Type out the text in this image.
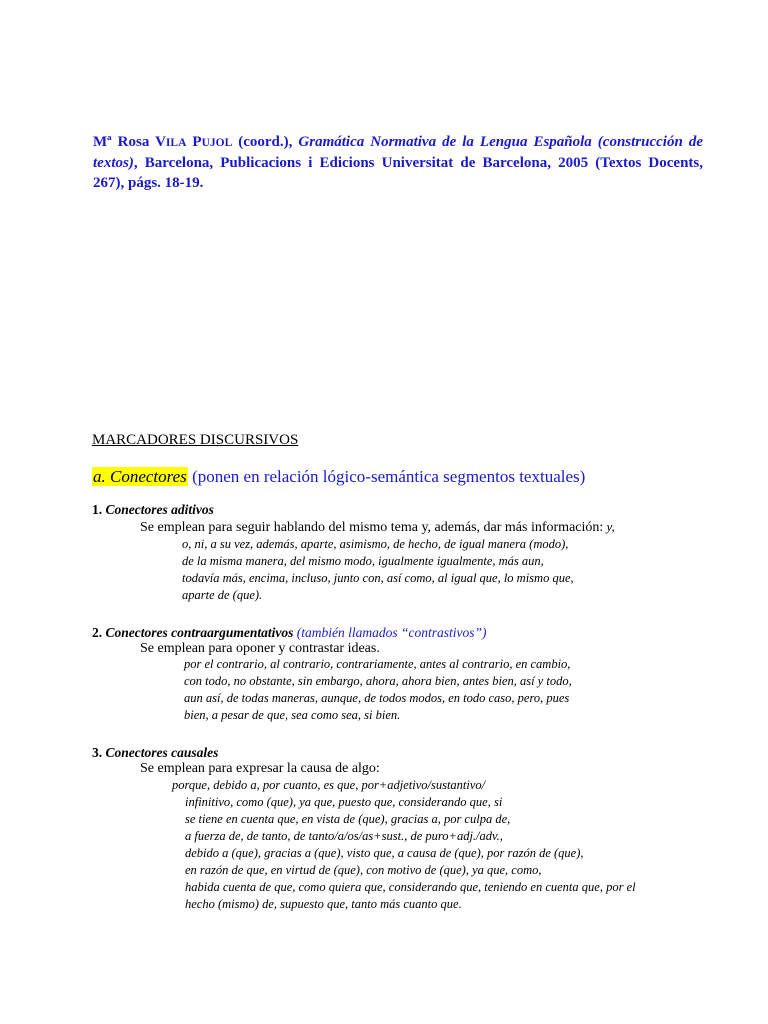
Mª Rosa VILA PUJOL (coord.), Gramática Normativa de la Lengua Española (construcción de textos), Barcelona, Publicacions i Edicions Universitat de Barcelona, 2005 (Textos Docents, 267), págs. 18-19.
MARCADORES DISCURSIVOS
a. Conectores (ponen en relación lógico-semántica segmentos textuales)
1. Conectores aditivos
Se emplean para seguir hablando del mismo tema y, además, dar más información: y,
o, ni, a su vez, además, aparte, asimismo, de hecho, de igual manera (modo),
de la misma manera, del mismo modo, igualmente igualmente, más aun,
todavía más, encima, incluso, junto con, así como, al igual que, lo mismo que,
aparte de (que).
2. Conectores contraargumentativos (también llamados “contrastivos”)
Se emplean para oponer y contrastar ideas.
por el contrario, al contrario, contrariamente, antes al contrario, en cambio,
con todo, no obstante, sin embargo, ahora, ahora bien, antes bien, así y todo,
aun así, de todas maneras, aunque, de todos modos, en todo caso, pero, pues
bien, a pesar de que, sea como sea, si bien.
3. Conectores causales
Se emplean para expresar la causa de algo:
porque, debido a, por cuanto, es que, por+adjetivo/sustantivo/
infinitivo, como (que), ya que, puesto que, considerando que, si
se tiene en cuenta que, en vista de (que), gracias a, por culpa de,
a fuerza de, de tanto, de tanto/a/os/as+sust., de puro+adj./adv.,
debido a (que), gracias a (que), visto que, a causa de (que), por razón de (que),
en razón de que, en virtud de (que), con motivo de (que), ya que, como,
habida cuenta de que, como quiera que, considerando que, teniendo en cuenta que, por el
hecho (mismo) de, supuesto que, tanto más cuanto que.
